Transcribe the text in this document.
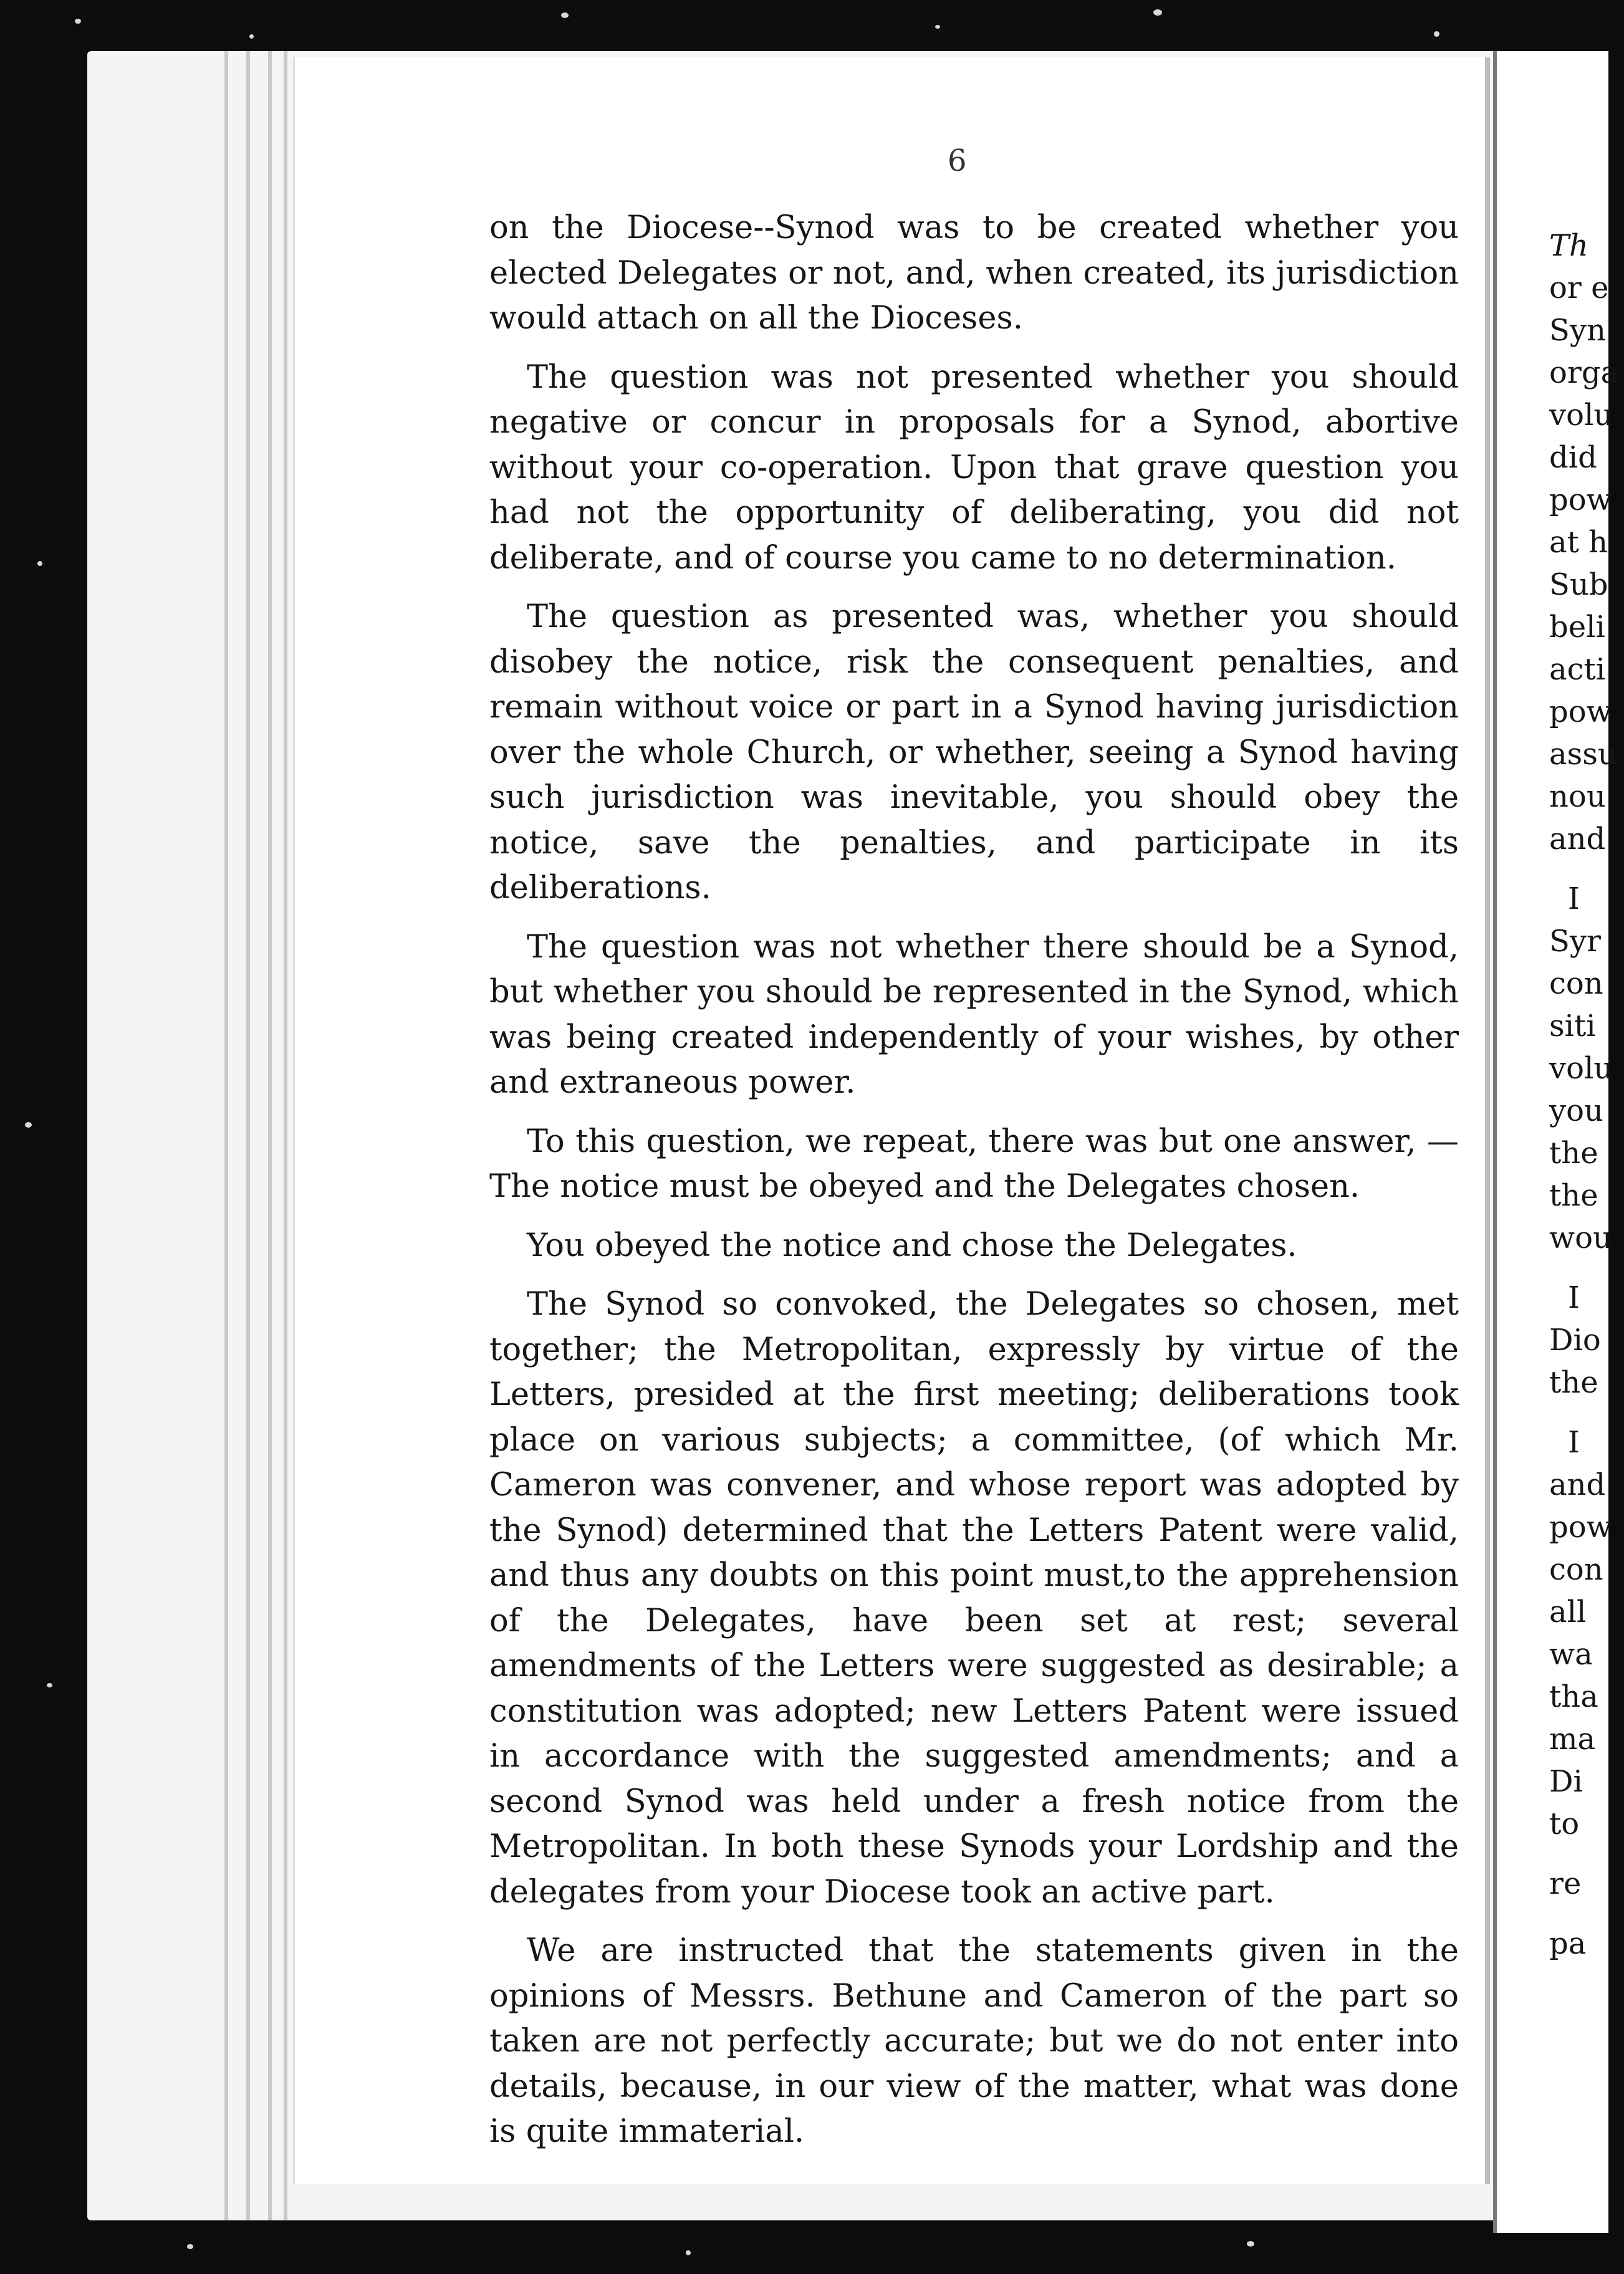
6

on the Diocese--Synod was to be created whether you elected Delegates or not, and, when created, its jurisdiction would attach on all the Dioceses.

The question was not presented whether you should negative or concur in proposals for a Synod, abortive without your co-operation. Upon that grave question you had not the opportunity of deliberating, you did not deliberate, and of course you came to no determination.

The question as presented was, whether you should disobey the notice, risk the consequent penalties, and remain without voice or part in a Synod having jurisdiction over the whole Church, or whether, seeing a Synod having such jurisdiction was inevitable, you should obey the notice, save the penalties, and participate in its deliberations.

The question was not whether there should be a Synod, but whether you should be represented in the Synod, which was being created independently of your wishes, by other and extraneous power.

To this question, we repeat, there was but one answer, —The notice must be obeyed and the Delegates chosen.

You obeyed the notice and chose the Delegates.

The Synod so convoked, the Delegates so chosen, met together; the Metropolitan, expressly by virtue of the Letters, presided at the first meeting; deliberations took place on various subjects; a committee, (of which Mr. Cameron was convener, and whose report was adopted by the Synod) determined that the Letters Patent were valid, and thus any doubts on this point must,to the apprehension of the Delegates, have been set at rest; several amendments of the Letters were suggested as desirable; a constitution was adopted; new Letters Patent were issued in accordance with the suggested amendments; and a second Synod was held under a fresh notice from the Metropolitan. In both these Synods your Lordship and the delegates from your Diocese took an active part.

We are instructed that the statements given in the opinions of Messrs. Bethune and Cameron of the part so taken are not perfectly accurate; but we do not enter into details, because, in our view of the matter, what was done is quite immaterial.

Th
or e
Syn
orga
volu
did
pow
at h
Sub
beli
acti
pow
assu
nou
and
I
Syr
con
siti
volu
you
the
the
wou
I
Dio
the
I
and
pow
con
all
wa
tha
ma
Di
to
re
pa
